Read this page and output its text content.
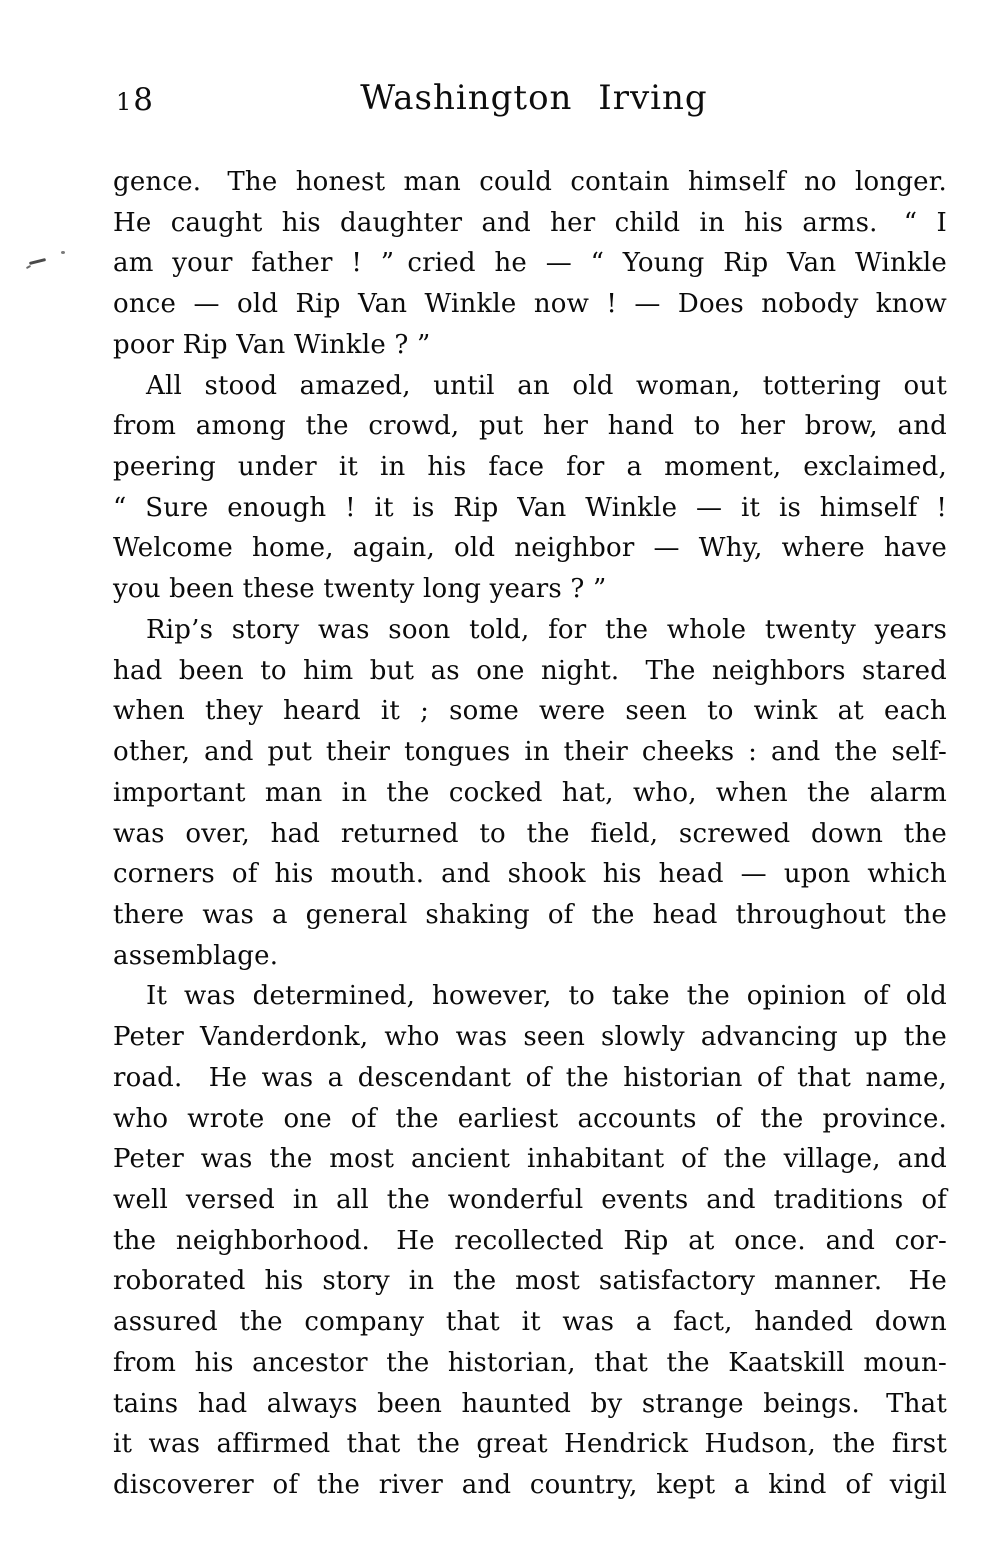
18	Washington Irving
gence. The honest man could contain himself no longer.
He caught his daughter and her child in his arms. “ I
am your father ! ” cried he — “ Young Rip Van Winkle
once — old Rip Van Winkle now ! — Does nobody know
poor Rip Van Winkle ? ”
All stood amazed, until an old woman, tottering out
from among the crowd, put her hand to her brow, and
peering under it in his face for a moment, exclaimed,
“ Sure enough ! it is Rip Van Winkle — it is himself !
Welcome home, again, old neighbor — Why, where have
you been these twenty long years ? ”
Rip’s story was soon told, for the whole twenty years
had been to him but as one night. The neighbors stared
when they heard it ; some were seen to wink at each
other, and put their tongues in their cheeks : and the self-
important man in the cocked hat, who, when the alarm
was over, had returned to the field, screwed down the
corners of his mouth. and shook his head — upon which
there was a general shaking of the head throughout the
assemblage.
It was determined, however, to take the opinion of old
Peter Vanderdonk, who was seen slowly advancing up the
road. He was a descendant of the historian of that name,
who wrote one of the earliest accounts of the province.
Peter was the most ancient inhabitant of the village, and
well versed in all the wonderful events and traditions of
the neighborhood. He recollected Rip at once. and cor-
roborated his story in the most satisfactory manner. He
assured the company that it was a fact, handed down
from his ancestor the historian, that the Kaatskill moun-
tains had always been haunted by strange beings. That
it was affirmed that the great Hendrick Hudson, the first
discoverer of the river and country, kept a kind of vigil
